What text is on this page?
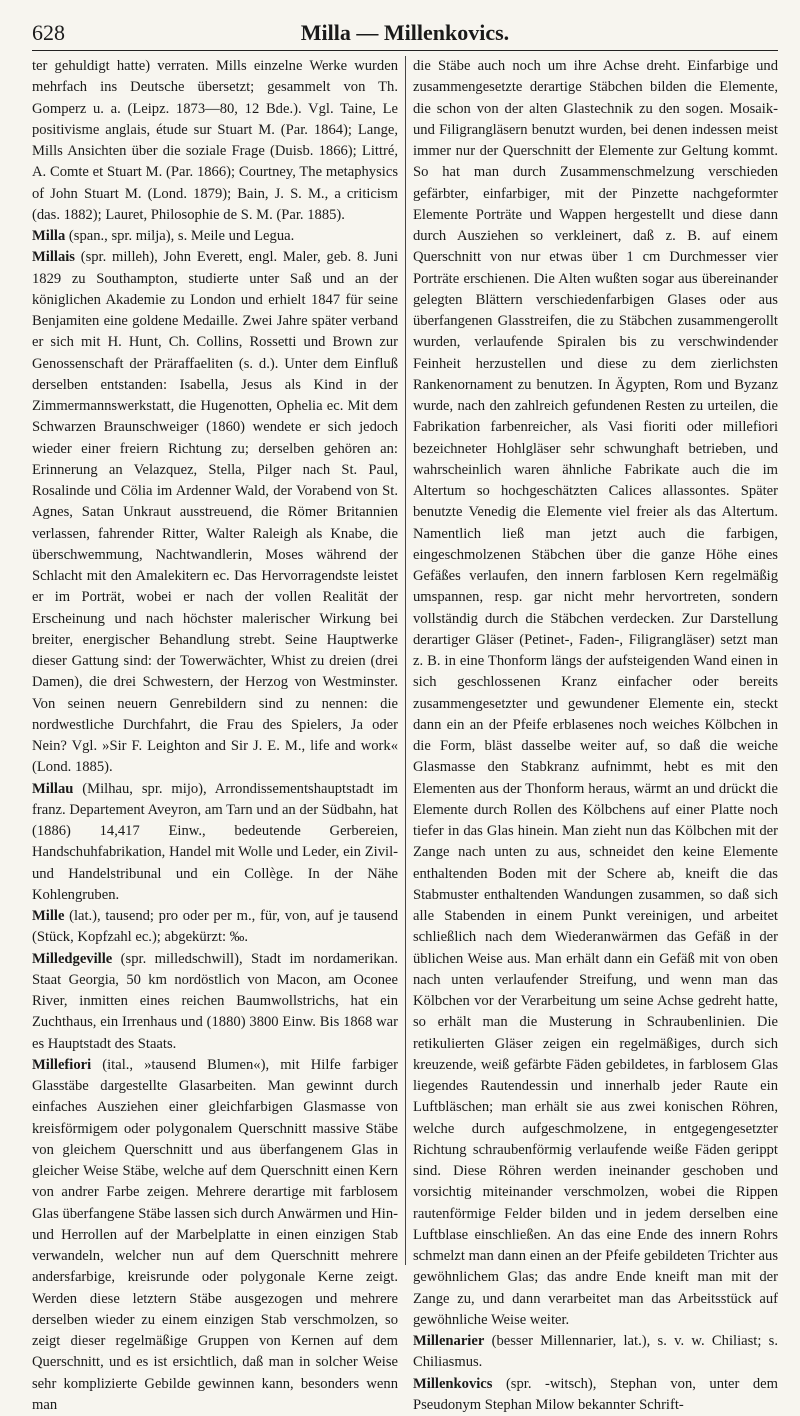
628	Milla — Millenkovics.

ter gehuldigt hatte) verraten. Mills einzelne Werke wurden mehrfach ins Deutsche übersetzt; gesammelt von Th. Gomperz u. a. (Leipz. 1873—80, 12 Bde.). Vgl. Taine, Le positivisme anglais, étude sur Stuart M. (Par. 1864); Lange, Mills Ansichten über die soziale Frage (Duisb. 1866); Littré, A. Comte et Stuart M. (Par. 1866); Courtney, The metaphysics of John Stuart M. (Lond. 1879); Bain, J. S. M., a criticism (das. 1882); Lauret, Philosophie de S. M. (Par. 1885).

Milla (span., spr. milja), s. Meile und Legua.

Millais (spr. milleh), John Everett, engl. Maler, geb. 8. Juni 1829 zu Southampton, studierte unter Saß und an der königlichen Akademie zu London und erhielt 1847 für seine Benjamiten eine goldene Medaille. Zwei Jahre später verband er sich mit H. Hunt, Ch. Collins, Rossetti und Brown zur Genossenschaft der Präraffaeliten (s. d.). Unter dem Einfluß derselben entstanden: Isabella, Jesus als Kind in der Zimmermannswerkstatt, die Hugenotten, Ophelia ec. Mit dem Schwarzen Braunschweiger (1860) wendete er sich jedoch wieder einer freiern Richtung zu; derselben gehören an: Erinnerung an Velazquez, Stella, Pilger nach St. Paul, Rosalinde und Cölia im Ardenner Wald, der Vorabend von St. Agnes, Satan Unkraut ausstreuend, die Römer Britannien verlassen, fahrender Ritter, Walter Raleigh als Knabe, die überschwemmung, Nachtwandlerin, Moses während der Schlacht mit den Amalekitern ec. Das Hervorragendste leistet er im Porträt, wobei er nach der vollen Realität der Erscheinung und nach höchster malerischer Wirkung bei breiter, energischer Behandlung strebt. Seine Hauptwerke dieser Gattung sind: der Towerwächter, Whist zu dreien (drei Damen), die drei Schwestern, der Herzog von Westminster. Von seinen neuern Genrebildern sind zu nennen: die nordwestliche Durchfahrt, die Frau des Spielers, Ja oder Nein? Vgl. »Sir F. Leighton and Sir J. E. M., life and work« (Lond. 1885).

Millau (Milhau, spr. mijo), Arrondissementshauptstadt im franz. Departement Aveyron, am Tarn und an der Südbahn, hat (1886) 14,417 Einw., bedeutende Gerbereien, Handschuhfabrikation, Handel mit Wolle und Leder, ein Zivil- und Handelstribunal und ein Collège. In der Nähe Kohlengruben.

Mille (lat.), tausend; pro oder per m., für, von, auf je tausend (Stück, Kopfzahl ec.); abgekürzt: ‰.

Milledgeville (spr. milledschwill), Stadt im nordamerikan. Staat Georgia, 50 km nordöstlich von Macon, am Oconee River, inmitten eines reichen Baumwollstrichs, hat ein Zuchthaus, ein Irrenhaus und (1880) 3800 Einw. Bis 1868 war es Hauptstadt des Staats.

Millefiori (ital., »tausend Blumen«), mit Hilfe farbiger Glasstäbe dargestellte Glasarbeiten. Man gewinnt durch einfaches Ausziehen einer gleichfarbigen Glasmasse von kreisförmigem oder polygonalem Querschnitt massive Stäbe von gleichem Querschnitt und aus überfangenem Glas in gleicher Weise Stäbe, welche auf dem Querschnitt einen Kern von andrer Farbe zeigen. Mehrere derartige mit farblosem Glas überfangene Stäbe lassen sich durch Anwärmen und Hin- und Herrollen auf der Marbelplatte in einen einzigen Stab verwandeln, welcher nun auf dem Querschnitt mehrere andersfarbige, kreisrunde oder polygonale Kerne zeigt. Werden diese letztern Stäbe ausgezogen und mehrere derselben wieder zu einem einzigen Stab verschmolzen, so zeigt dieser regelmäßige Gruppen von Kernen auf dem Querschnitt, und es ist ersichtlich, daß man in solcher Weise sehr komplizierte Gebilde gewinnen kann, besonders wenn man

die Stäbe auch noch um ihre Achse dreht. Einfarbige und zusammengesetzte derartige Stäbchen bilden die Elemente, die schon von der alten Glastechnik zu den sogen. Mosaik- und Filigrangläsern benutzt wurden, bei denen indessen meist immer nur der Querschnitt der Elemente zur Geltung kommt. So hat man durch Zusammenschmelzung verschieden gefärbter, einfarbiger, mit der Pinzette nachgeformter Elemente Porträte und Wappen hergestellt und diese dann durch Ausziehen so verkleinert, daß z. B. auf einem Querschnitt von nur etwas über 1 cm Durchmesser vier Porträte erschienen. Die Alten wußten sogar aus übereinander gelegten Blättern verschiedenfarbigen Glases oder aus überfangenen Glasstreifen, die zu Stäbchen zusammengerollt wurden, verlaufende Spiralen bis zu verschwindender Feinheit herzustellen und diese zu dem zierlichsten Rankenornament zu benutzen. In Ägypten, Rom und Byzanz wurde, nach den zahlreich gefundenen Resten zu urteilen, die Fabrikation farbenreicher, als Vasi fioriti oder millefiori bezeichneter Hohlgläser sehr schwunghaft betrieben, und wahrscheinlich waren ähnliche Fabrikate auch die im Altertum so hochgeschätzten Calices allassontes. Später benutzte Venedig die Elemente viel freier als das Altertum. Namentlich ließ man jetzt auch die farbigen, eingeschmolzenen Stäbchen über die ganze Höhe eines Gefäßes verlaufen, den innern farblosen Kern regelmäßig umspannen, resp. gar nicht mehr hervortreten, sondern vollständig durch die Stäbchen verdecken. Zur Darstellung derartiger Gläser (Petinet-, Faden-, Filigrangläser) setzt man z. B. in eine Thonform längs der aufsteigenden Wand einen in sich geschlossenen Kranz einfacher oder bereits zusammengesetzter und gewundener Elemente ein, steckt dann ein an der Pfeife erblasenes noch weiches Kölbchen in die Form, bläst dasselbe weiter auf, so daß die weiche Glasmasse den Stabkranz aufnimmt, hebt es mit den Elementen aus der Thonform heraus, wärmt an und drückt die Elemente durch Rollen des Kölbchens auf einer Platte noch tiefer in das Glas hinein. Man zieht nun das Kölbchen mit der Zange nach unten zu aus, schneidet den keine Elemente enthaltenden Boden mit der Schere ab, kneift die das Stabmuster enthaltenden Wandungen zusammen, so daß sich alle Stabenden in einem Punkt vereinigen, und arbeitet schließlich nach dem Wiederanwärmen das Gefäß in der üblichen Weise aus. Man erhält dann ein Gefäß mit von oben nach unten verlaufender Streifung, und wenn man das Kölbchen vor der Verarbeitung um seine Achse gedreht hatte, so erhält man die Musterung in Schraubenlinien. Die retikulierten Gläser zeigen ein regelmäßiges, durch sich kreuzende, weiß gefärbte Fäden gebildetes, in farblosem Glas liegendes Rautendessin und innerhalb jeder Raute ein Luftbläschen; man erhält sie aus zwei konischen Röhren, welche durch aufgeschmolzene, in entgegengesetzter Richtung schraubenförmig verlaufende weiße Fäden gerippt sind. Diese Röhren werden ineinander geschoben und vorsichtig miteinander verschmolzen, wobei die Rippen rautenförmige Felder bilden und in jedem derselben eine Luftblase einschließen. An das eine Ende des innern Rohrs schmelzt man dann einen an der Pfeife gebildeten Trichter aus gewöhnlichem Glas; das andre Ende kneift man mit der Zange zu, und dann verarbeitet man das Arbeitsstück auf gewöhnliche Weise weiter.

Millenarier (besser Millennarier, lat.), s. v. w. Chiliast; s. Chiliasmus.

Millenkovics (spr. -witsch), Stephan von, unter dem Pseudonym Stephan Milow bekannter Schrift-
